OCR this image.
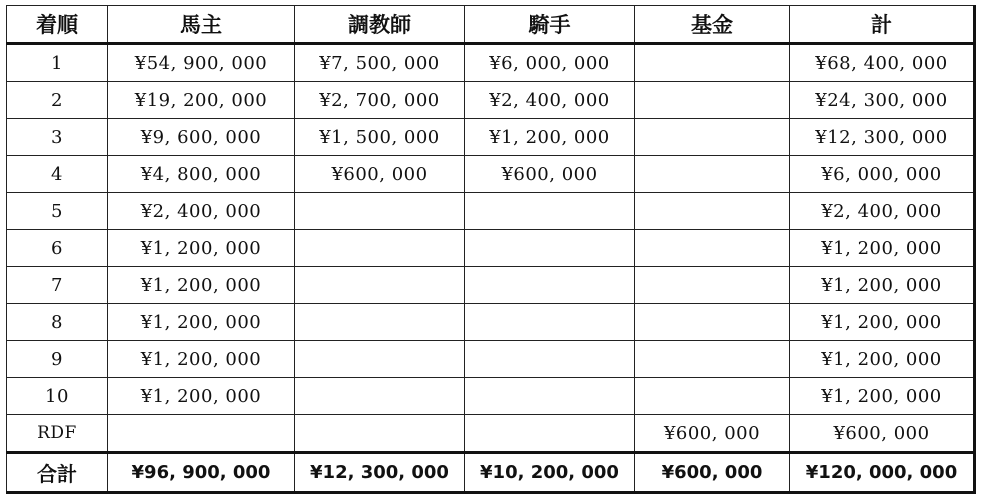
着順	馬主	調教師	騎手	基金	計
1	¥54, 900, 000	¥7, 500, 000	¥6, 000, 000		¥68, 400, 000
2	¥19, 200, 000	¥2, 700, 000	¥2, 400, 000		¥24, 300, 000
3	¥9, 600, 000	¥1, 500, 000	¥1, 200, 000		¥12, 300, 000
4	¥4, 800, 000	¥600, 000	¥600, 000		¥6, 000, 000
5	¥2, 400, 000				¥2, 400, 000
6	¥1, 200, 000				¥1, 200, 000
7	¥1, 200, 000				¥1, 200, 000
8	¥1, 200, 000				¥1, 200, 000
9	¥1, 200, 000				¥1, 200, 000
10	¥1, 200, 000				¥1, 200, 000
RDF				¥600, 000	¥600, 000
合計	¥96, 900, 000	¥12, 300, 000	¥10, 200, 000	¥600, 000	¥120, 000, 000
